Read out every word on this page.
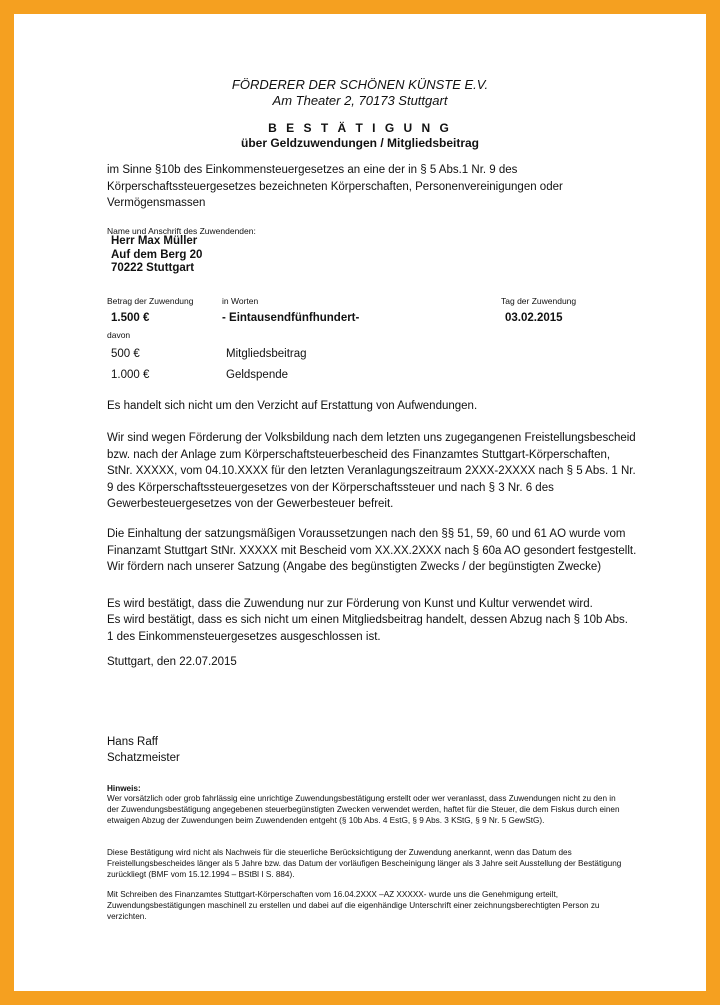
FÖRDERER DER SCHÖNEN KÜNSTE E.V.
Am Theater 2, 70173 Stuttgart
B E S T Ä T I G U N G
über Geldzuwendungen / Mitgliedsbeitrag

im Sinne §10b des Einkommensteuergesetzes an eine der in § 5 Abs.1 Nr. 9 des Körperschaftssteuergesetzes bezeichneten Körperschaften, Personenvereinigungen oder Vermögensmassen

Name und Anschrift des Zuwendenden:
Herr Max Müller
Auf dem Berg 20
70222 Stuttgart
Betrag der Zuwendung	in Worten	Tag der Zuwendung
1.500 €	- Eintausendfünfhundert-	03.02.2015
davon
500 €	Mitgliedsbeitrag
1.000 €	Geldspende

Es handelt sich nicht um den Verzicht auf Erstattung von Aufwendungen.

Wir sind wegen Förderung der Volksbildung nach dem letzten uns zugegangenen Freistellungsbescheid bzw. nach der Anlage zum Körperschaftsteuerbescheid des Finanzamtes Stuttgart-Körperschaften, StNr. XXXXX, vom 04.10.XXXX für den letzten Veranlagungszeitraum 2XXX-2XXXX nach § 5 Abs. 1 Nr. 9 des Körperschaftssteuergesetzes von der Körperschaftssteuer und nach § 3 Nr. 6 des Gewerbesteuergesetzes von der Gewerbesteuer befreit.

Die Einhaltung der satzungsmäßigen Voraussetzungen nach den §§ 51, 59, 60 und 61 AO wurde vom Finanzamt Stuttgart StNr. XXXXX mit Bescheid vom XX.XX.2XXX nach § 60a AO gesondert festgestellt. Wir fördern nach unserer Satzung (Angabe des begünstigten Zwecks / der begünstigten Zwecke)

Es wird bestätigt, dass die Zuwendung nur zur Förderung von Kunst und Kultur verwendet wird.

Es wird bestätigt, dass es sich nicht um einen Mitgliedsbeitrag handelt, dessen Abzug nach § 10b Abs. 1 des Einkommensteuergesetzes ausgeschlossen ist.

Stuttgart, den 22.07.2015
Hans Raff
Schatzmeister
Hinweis:

Wer vorsätzlich oder grob fahrlässig eine unrichtige Zuwendungsbestätigung erstellt oder wer veranlasst, dass Zuwendungen nicht zu den in der Zuwendungsbestätigung angegebenen steuerbegünstigten Zwecken verwendet werden, haftet für die Steuer, die dem Fiskus durch einen etwaigen Abzug der Zuwendungen beim Zuwendenden entgeht (§ 10b Abs. 4 EstG, § 9 Abs. 3 KStG, § 9 Nr. 5 GewStG).

Diese Bestätigung wird nicht als Nachweis für die steuerliche Berücksichtigung der Zuwendung anerkannt, wenn das Datum des Freistellungsbescheides länger als 5 Jahre bzw. das Datum der vorläufigen Bescheinigung länger als 3 Jahre seit Ausstellung der Bestätigung zurückliegt (BMF vom 15.12.1994 – BStBl I S. 884).

Mit Schreiben des Finanzamtes Stuttgart-Körperschaften vom 16.04.2XXX –AZ XXXXX- wurde uns die Genehmigung erteilt, Zuwendungsbestätigungen maschinell zu erstellen und dabei auf die eigenhändige Unterschrift einer zeichnungsberechtigten Person zu verzichten.
